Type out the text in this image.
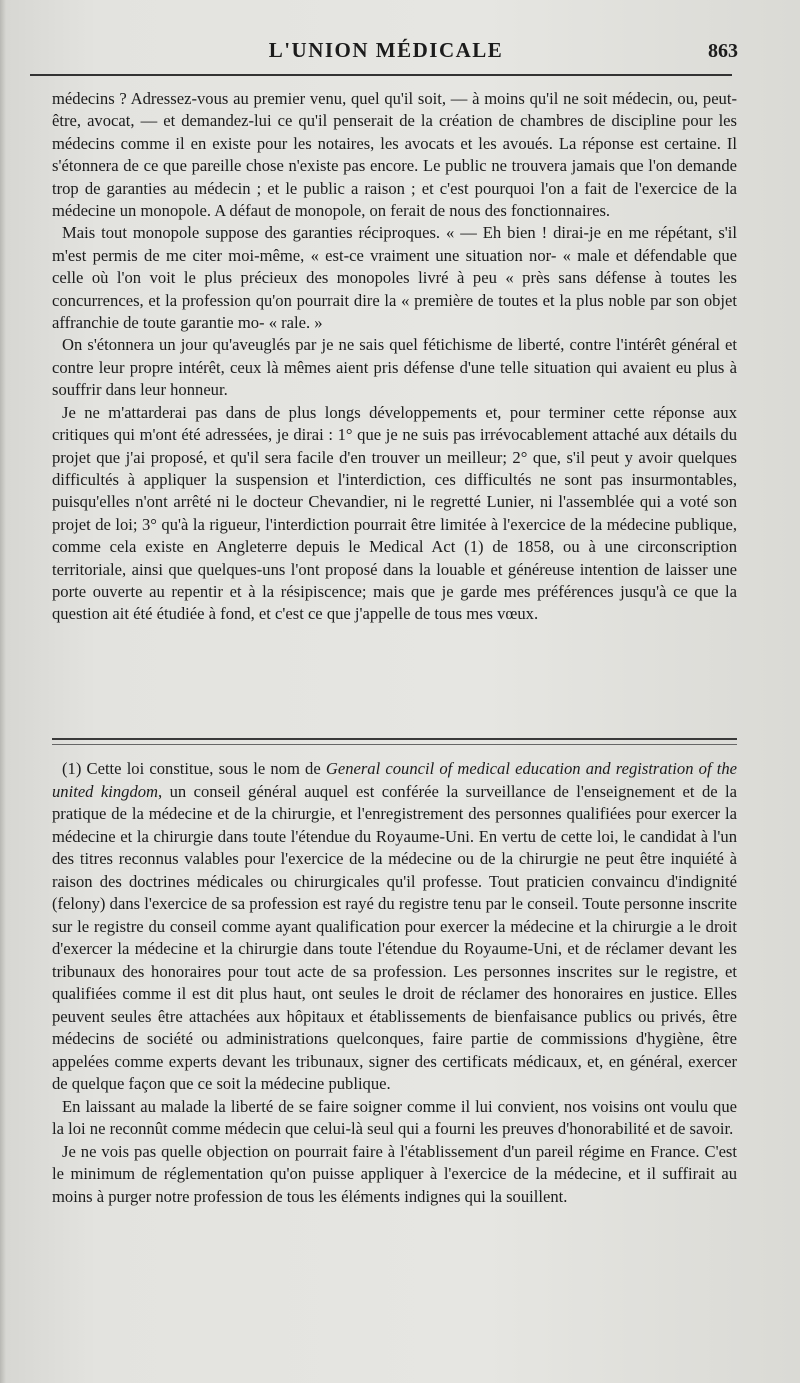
L'UNION MÉDICALE	863

médecins ? Adressez-vous au premier venu, quel qu'il soit, — à moins qu'il ne soit médecin, ou, peut-être, avocat, — et demandez-lui ce qu'il penserait de la création de chambres de discipline pour les médecins comme il en existe pour les notaires, les avocats et les avoués. La réponse est certaine. Il s'étonnera de ce que pareille chose n'existe pas encore. Le public ne trouvera jamais que l'on demande trop de garanties au médecin ; et le public a raison ; et c'est pourquoi l'on a fait de l'exercice de la médecine un monopole. A défaut de monopole, on ferait de nous des fonctionnaires.

Mais tout monopole suppose des garanties réciproques. « — Eh bien ! dirai-je en me répétant, s'il m'est permis de me citer moi-même, « est-ce vraiment une situation nor- « male et défendable que celle où l'on voit le plus précieux des monopoles livré à peu « près sans défense à toutes les concurrences, et la profession qu'on pourrait dire la « première de toutes et la plus noble par son objet affranchie de toute garantie mo- « rale. »

On s'étonnera un jour qu'aveuglés par je ne sais quel fétichisme de liberté, contre l'intérêt général et contre leur propre intérêt, ceux là mêmes aient pris défense d'une telle situation qui avaient eu plus à souffrir dans leur honneur.

Je ne m'attarderai pas dans de plus longs développements et, pour terminer cette réponse aux critiques qui m'ont été adressées, je dirai : 1° que je ne suis pas irrévocablement attaché aux détails du projet que j'ai proposé, et qu'il sera facile d'en trouver un meilleur; 2° que, s'il peut y avoir quelques difficultés à appliquer la suspension et l'interdiction, ces difficultés ne sont pas insurmontables, puisqu'elles n'ont arrêté ni le docteur Chevandier, ni le regretté Lunier, ni l'assemblée qui a voté son projet de loi; 3° qu'à la rigueur, l'interdiction pourrait être limitée à l'exercice de la médecine publique, comme cela existe en Angleterre depuis le Medical Act (1) de 1858, ou à une circonscription territoriale, ainsi que quelques-uns l'ont proposé dans la louable et généreuse intention de laisser une porte ouverte au repentir et à la résipiscence; mais que je garde mes préférences jusqu'à ce que la question ait été étudiée à fond, et c'est ce que j'appelle de tous mes vœux.

(1) Cette loi constitue, sous le nom de General council of medical education and registration of the united kingdom, un conseil général auquel est conférée la surveillance de l'enseignement et de la pratique de la médecine et de la chirurgie, et l'enregistrement des personnes qualifiées pour exercer la médecine et la chirurgie dans toute l'étendue du Royaume-Uni. En vertu de cette loi, le candidat à l'un des titres reconnus valables pour l'exercice de la médecine ou de la chirurgie ne peut être inquiété à raison des doctrines médicales ou chirurgicales qu'il professe. Tout praticien convaincu d'indignité (felony) dans l'exercice de sa profession est rayé du registre tenu par le conseil. Toute personne inscrite sur le registre du conseil comme ayant qualification pour exercer la médecine et la chirurgie a le droit d'exercer la médecine et la chirurgie dans toute l'étendue du Royaume-Uni, et de réclamer devant les tribunaux des honoraires pour tout acte de sa profession. Les personnes inscrites sur le registre, et qualifiées comme il est dit plus haut, ont seules le droit de réclamer des honoraires en justice. Elles peuvent seules être attachées aux hôpitaux et établissements de bienfaisance publics ou privés, être médecins de société ou administrations quelconques, faire partie de commissions d'hygiène, être appelées comme experts devant les tribunaux, signer des certificats médicaux, et, en général, exercer de quelque façon que ce soit la médecine publique.

En laissant au malade la liberté de se faire soigner comme il lui convient, nos voisins ont voulu que la loi ne reconnût comme médecin que celui-là seul qui a fourni les preuves d'honorabilité et de savoir.

Je ne vois pas quelle objection on pourrait faire à l'établissement d'un pareil régime en France. C'est le minimum de réglementation qu'on puisse appliquer à l'exercice de la médecine, et il suffirait au moins à purger notre profession de tous les éléments indignes qui la souillent.
